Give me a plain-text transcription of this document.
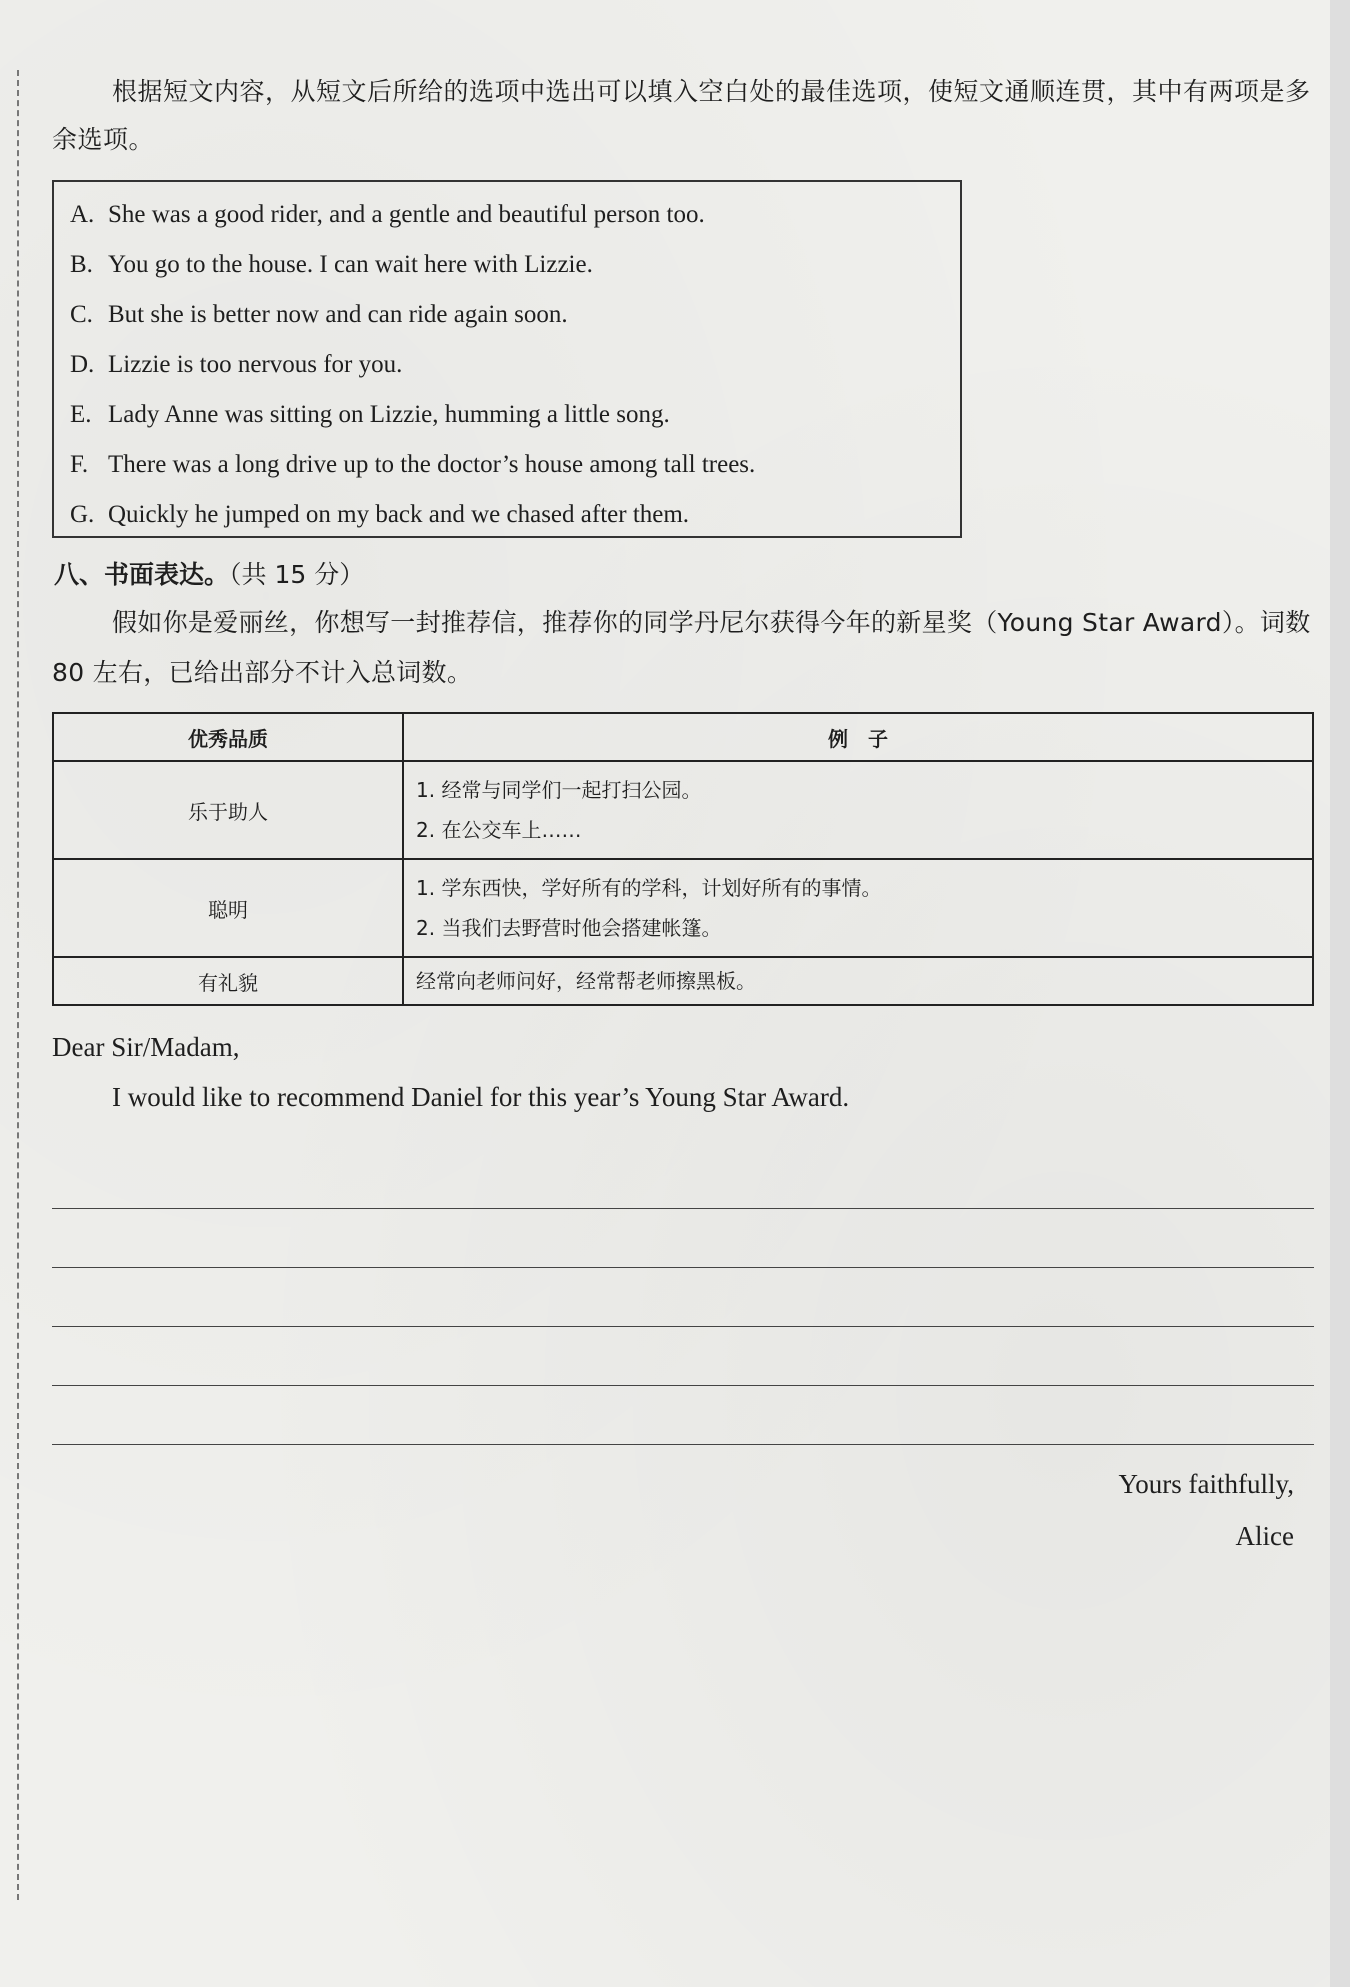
根据短文内容，从短文后所给的选项中选出可以填入空白处的最佳选项，使短文通顺连贯，其中有两项是多余选项。
A. She was a good rider, and a gentle and beautiful person too.
B. You go to the house. I can wait here with Lizzie.
C. But she is better now and can ride again soon.
D. Lizzie is too nervous for you.
E. Lady Anne was sitting on Lizzie, humming a little song.
F. There was a long drive up to the doctor’s house among tall trees.
G. Quickly he jumped on my back and we chased after them.
八、书面表达。（共 15 分）
假如你是爱丽丝，你想写一封推荐信，推荐你的同学丹尼尔获得今年的新星奖（Young Star Award）。词数 80 左右，已给出部分不计入总词数。
优秀品质	例　子
乐于助人	1. 经常与同学们一起打扫公园。
2. 在公交车上……

聪明	1. 学东西快，学好所有的学科，计划好所有的事情。
2. 当我们去野营时他会搭建帐篷。

有礼貌	经常向老师问好，经常帮老师擦黑板。
Dear Sir/Madam,
I would like to recommend Daniel for this year’s Young Star Award.
Yours faithfully,
Alice
